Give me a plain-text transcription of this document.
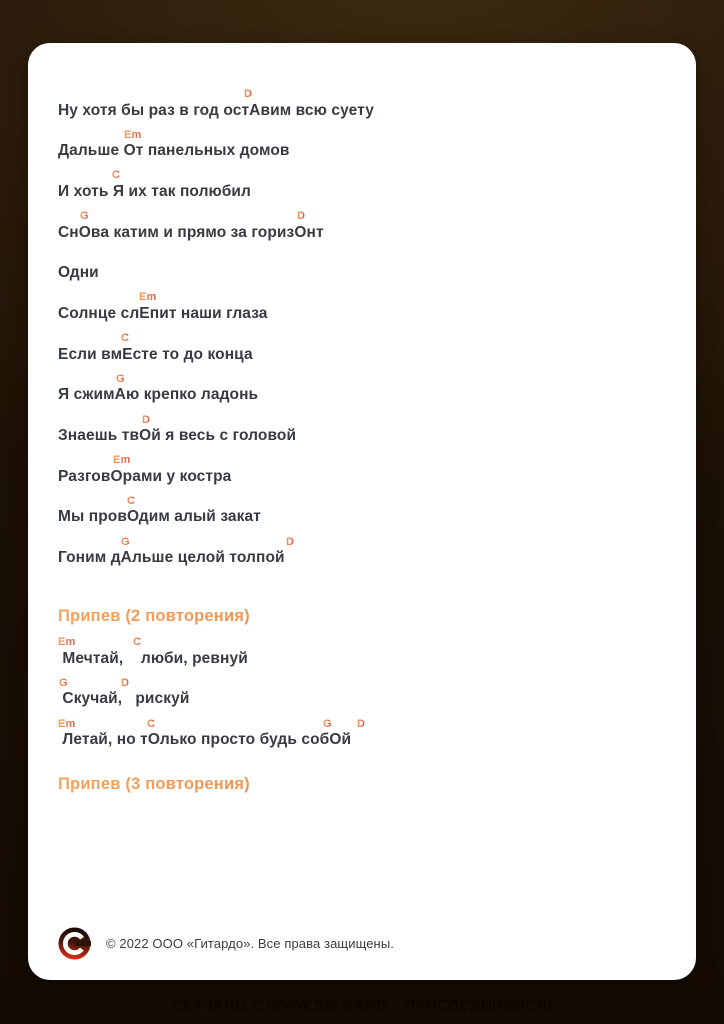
D
Ну хотя бы раз в год остАвим всю суету
Em
Дальше От панельных домов
C
И хоть Я их так полюбил
G	D
СнОва катим и прямо за горизОнт
Одни
Em
Солнце слЕпит наши глаза
C
Если вмЕсте то до конца
G
Я сжимАю крепко ладонь
D
Знаешь твОй я весь с головой
Em
РазговОрами у костра
C
Мы провОдим алый закат
G	D
Гоним дАльше целой толпой
Припев (2 повторения)
Em	C
Мечтай,    люби, ревнуй
G	D
Скучай,   рискуй
Em	C	G D
Летай, но тОлько просто будь собОй
Припев (3 повторения)
© 2022 ООО «Гитардо». Все права защищены.
СКАЧАНО С WWW.SW.BAND – ПРИСОЕДИНЯЙСЯ!
